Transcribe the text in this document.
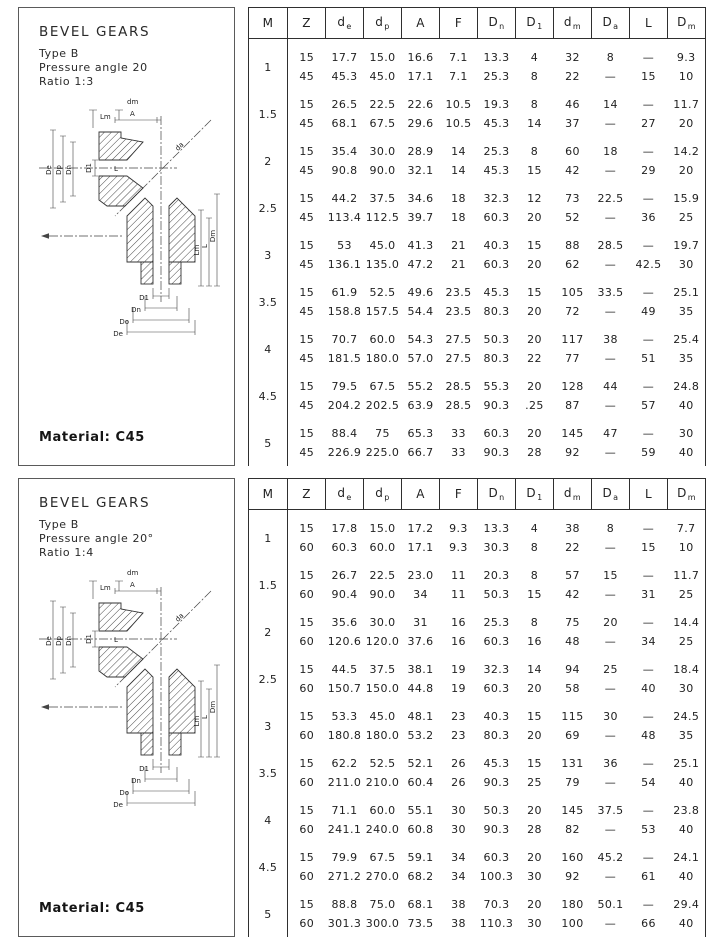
BEVEL GEARS
Type B
Pressure angle 20
Ratio 1:3
dm
A
Lm
De Dp Dn D1	L
da
Lm L
Dm
D1
Dn
Do
De
Material: C45
M	Z	$d_e$	$d_p$	A	F	$D_n$	$D_1$	$d_m$	$D_a$	L	$D_m$

1	15	17.7	15.0	16.6	7.1	13.3	4	32	8	—	9.3
	45	45.3	45.0	17.1	7.1	25.3	8	22	—	15	10

1.5	15	26.5	22.5	22.6	10.5	19.3	8	46	14	—	11.7
	45	68.1	67.5	29.6	10.5	45.3	14	37	—	27	20

2	15	35.4	30.0	28.9	14	25.3	8	60	18	—	14.2
	45	90.8	90.0	32.1	14	45.3	15	42	—	29	20

2.5	15	44.2	37.5	34.6	18	32.3	12	73	22.5	—	15.9
	45	113.4	112.5	39.7	18	60.3	20	52	—	36	25

3	15	53	45.0	41.3	21	40.3	15	88	28.5	—	19.7
	45	136.1	135.0	47.2	21	60.3	20	62	—	42.5	30

3.5	15	61.9	52.5	49.6	23.5	45.3	15	105	33.5	—	25.1
	45	158.8	157.5	54.4	23.5	80.3	20	72	—	49	35

4	15	70.7	60.0	54.3	27.5	50.3	20	117	38	—	25.4
	45	181.5	180.0	57.0	27.5	80.3	22	77	—	51	35

4.5	15	79.5	67.5	55.2	28.5	55.3	20	128	44	—	24.8
	45	204.2	202.5	63.9	28.5	90.3	.25	87	—	57	40

5	15	88.4	75	65.3	33	60.3	20	145	47	—	30
	45	226.9	225.0	66.7	33	90.3	28	92	—	59	40

BEVEL GEARS
Type B
Pressure angle 20°
Ratio 1:4
dm
A
Lm
De Dp Dn D1	L
da
Lm L
Dm
D1
Dn
Do
De
Material: C45
M	Z	$d_e$	$d_p$	A	F	$D_n$	$D_1$	$d_m$	$D_a$	L	$D_m$

1	15	17.8	15.0	17.2	9.3	13.3	4	38	8	—	7.7
	60	60.3	60.0	17.1	9.3	30.3	8	22	—	15	10

1.5	15	26.7	22.5	23.0	11	20.3	8	57	15	—	11.7
	60	90.4	90.0	34	11	50.3	15	42	—	31	25

2	15	35.6	30.0	31	16	25.3	8	75	20	—	14.4
	60	120.6	120.0	37.6	16	60.3	16	48	—	34	25

2.5	15	44.5	37.5	38.1	19	32.3	14	94	25	—	18.4
	60	150.7	150.0	44.8	19	60.3	20	58	—	40	30

3	15	53.3	45.0	48.1	23	40.3	15	115	30	—	24.5
	60	180.8	180.0	53.2	23	80.3	20	69	—	48	35

3.5	15	62.2	52.5	52.1	26	45.3	15	131	36	—	25.1
	60	211.0	210.0	60.4	26	90.3	25	79	—	54	40

4	15	71.1	60.0	55.1	30	50.3	20	145	37.5	—	23.8
	60	241.1	240.0	60.8	30	90.3	28	82	—	53	40

4.5	15	79.9	67.5	59.1	34	60.3	20	160	45.2	—	24.1
	60	271.2	270.0	68.2	34	100.3	30	92	—	61	40

5	15	88.8	75.0	68.1	38	70.3	20	180	50.1	—	29.4
	60	301.3	300.0	73.5	38	110.3	30	100	—	66	40
